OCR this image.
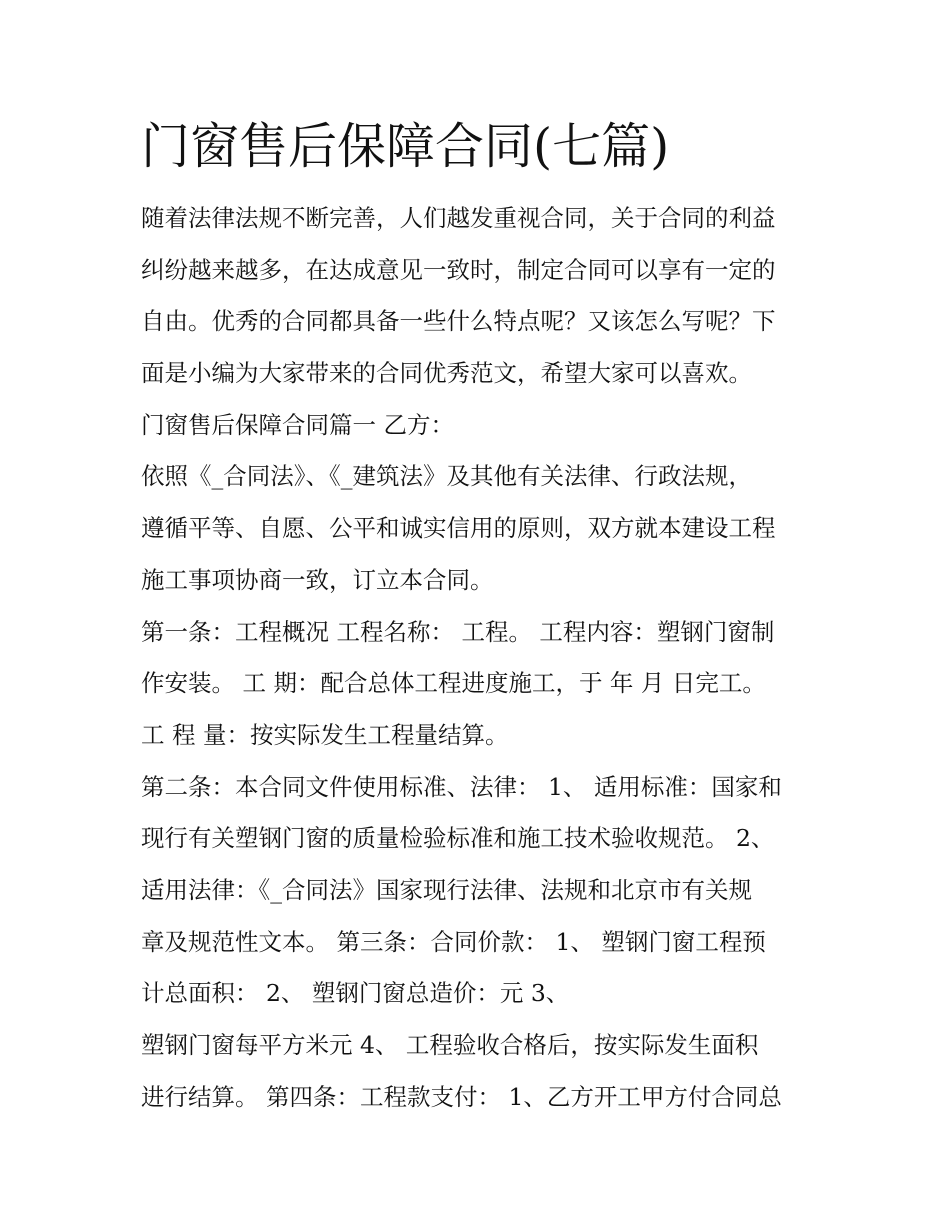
门窗售后保障合同(七篇)
随着法律法规不断完善，人们越发重视合同，关于合同的利益
纠纷越来越多，在达成意见一致时，制定合同可以享有一定的
自由。优秀的合同都具备一些什么特点呢？又该怎么写呢？下
面是小编为大家带来的合同优秀范文，希望大家可以喜欢。
门窗售后保障合同篇一 乙方：
依照《_合同法》、《_建筑法》及其他有关法律、行政法规，
遵循平等、自愿、公平和诚实信用的原则，双方就本建设工程
施工事项协商一致，订立本合同。
第一条：工程概况 工程名称： 工程。 工程内容：塑钢门窗制
作安装。 工 期：配合总体工程进度施工，于 年 月 日完工。
工 程 量：按实际发生工程量结算。
第二条：本合同文件使用标准、法律： 1、 适用标准：国家和
现行有关塑钢门窗的质量检验标准和施工技术验收规范。 2、
适用法律：《_合同法》国家现行法律、法规和北京市有关规
章及规范性文本。 第三条：合同价款： 1、 塑钢门窗工程预
计总面积： 2、 塑钢门窗总造价：元 3、
塑钢门窗每平方米元 4、 工程验收合格后，按实际发生面积
进行结算。 第四条：工程款支付： 1、乙方开工甲方付合同总
